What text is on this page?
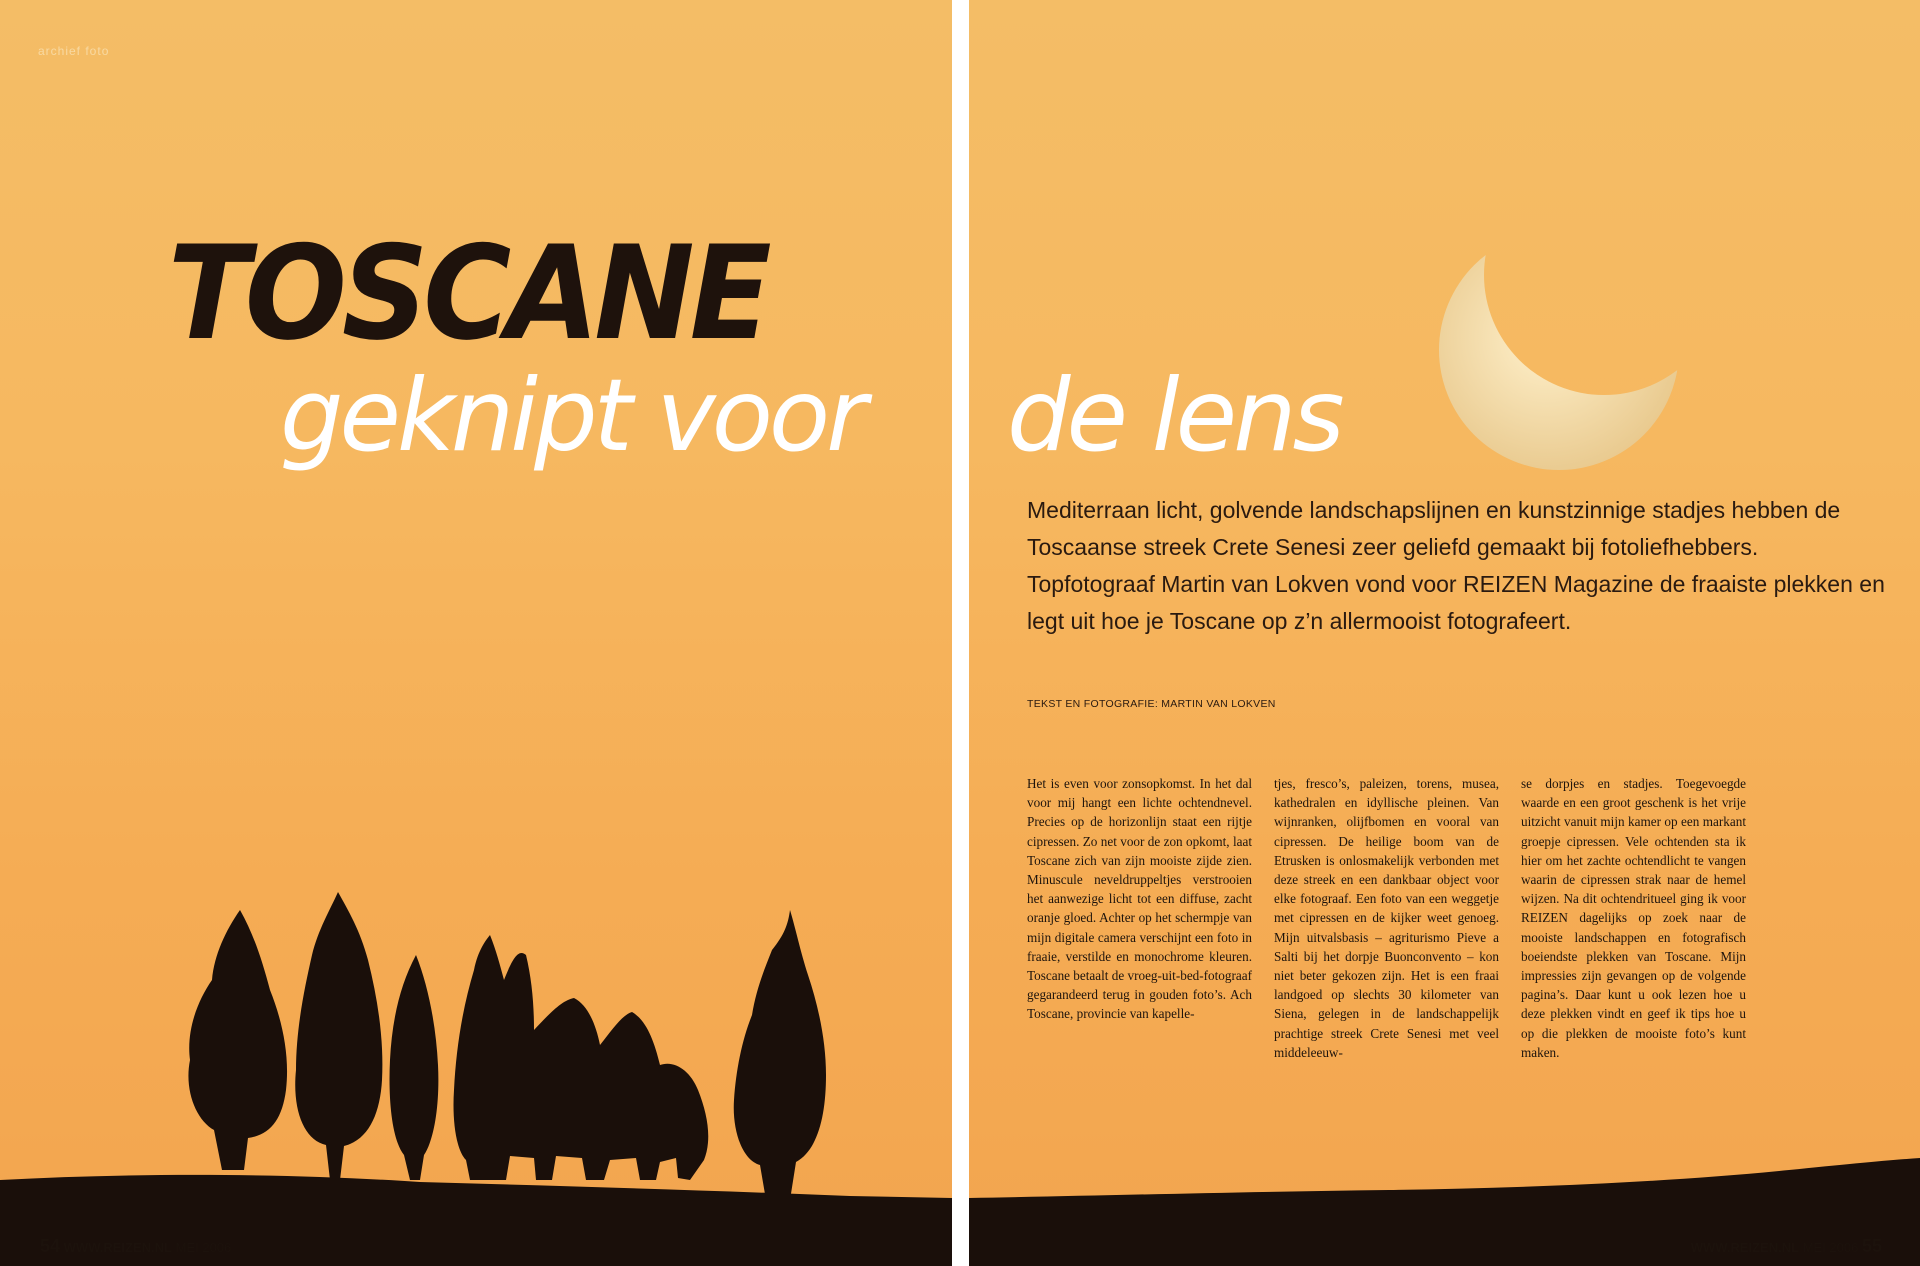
archief foto
TOSCANE
geknipt voor
54 WWW.REIZEN.NL MEI 2006
de lens

Mediterraan licht, golvende landschapslijnen en kunstzinnige stadjes hebben de Toscaanse streek Crete Senesi zeer geliefd gemaakt bij fotoliefhebbers. Topfotograaf Martin van Lokven vond voor REIZEN Magazine de fraaiste plekken en legt uit hoe je Toscane op z’n allermooist fotografeert.

TEKST EN FOTOGRAFIE: MARTIN VAN LOKVEN

Het is even voor zonsopkomst. In het dal voor mij hangt een lichte ochtendnevel. Precies op de horizonlijn staat een rijtje cipressen. Zo net voor de zon opkomt, laat Toscane zich van zijn mooiste zijde zien. Minuscule neveldruppeltjes verstrooien het aanwezige licht tot een diffuse, zacht oranje gloed. Achter op het schermpje van mijn digitale camera verschijnt een foto in fraaie, verstilde en monochrome kleuren. Toscane betaalt de vroeg-uit-bed-fotograaf gegarandeerd terug in gouden foto’s. Ach Toscane, provincie van kapelle-

tjes, fresco’s, paleizen, torens, musea, kathedralen en idyllische pleinen. Van wijnranken, olijfbomen en vooral van cipressen. De heilige boom van de Etrusken is onlosmakelijk verbonden met deze streek en een dankbaar object voor elke fotograaf. Een foto van een weggetje met cipressen en de kijker weet genoeg. Mijn uitvalsbasis – agriturismo Pieve a Salti bij het dorpje Buonconvento – kon niet beter gekozen zijn. Het is een fraai landgoed op slechts 30 kilometer van Siena, gelegen in de landschappelijk prachtige streek Crete Senesi met veel middeleeuw-

se dorpjes en stadjes. Toegevoegde waarde en een groot geschenk is het vrije uitzicht vanuit mijn kamer op een markant groepje cipressen. Vele ochtenden sta ik hier om het zachte ochtendlicht te vangen waarin de cipressen strak naar de hemel wijzen. Na dit ochtendritueel ging ik voor REIZEN dagelijks op zoek naar de mooiste landschappen en fotografisch boeiendste plekken van Toscane. Mijn impressies zijn gevangen op de volgende pagina’s. Daar kunt u ook lezen hoe u deze plekken vindt en geef ik tips hoe u op die plekken de mooiste foto’s kunt maken.

WWW.REIZEN.NL MEI 2006 55
